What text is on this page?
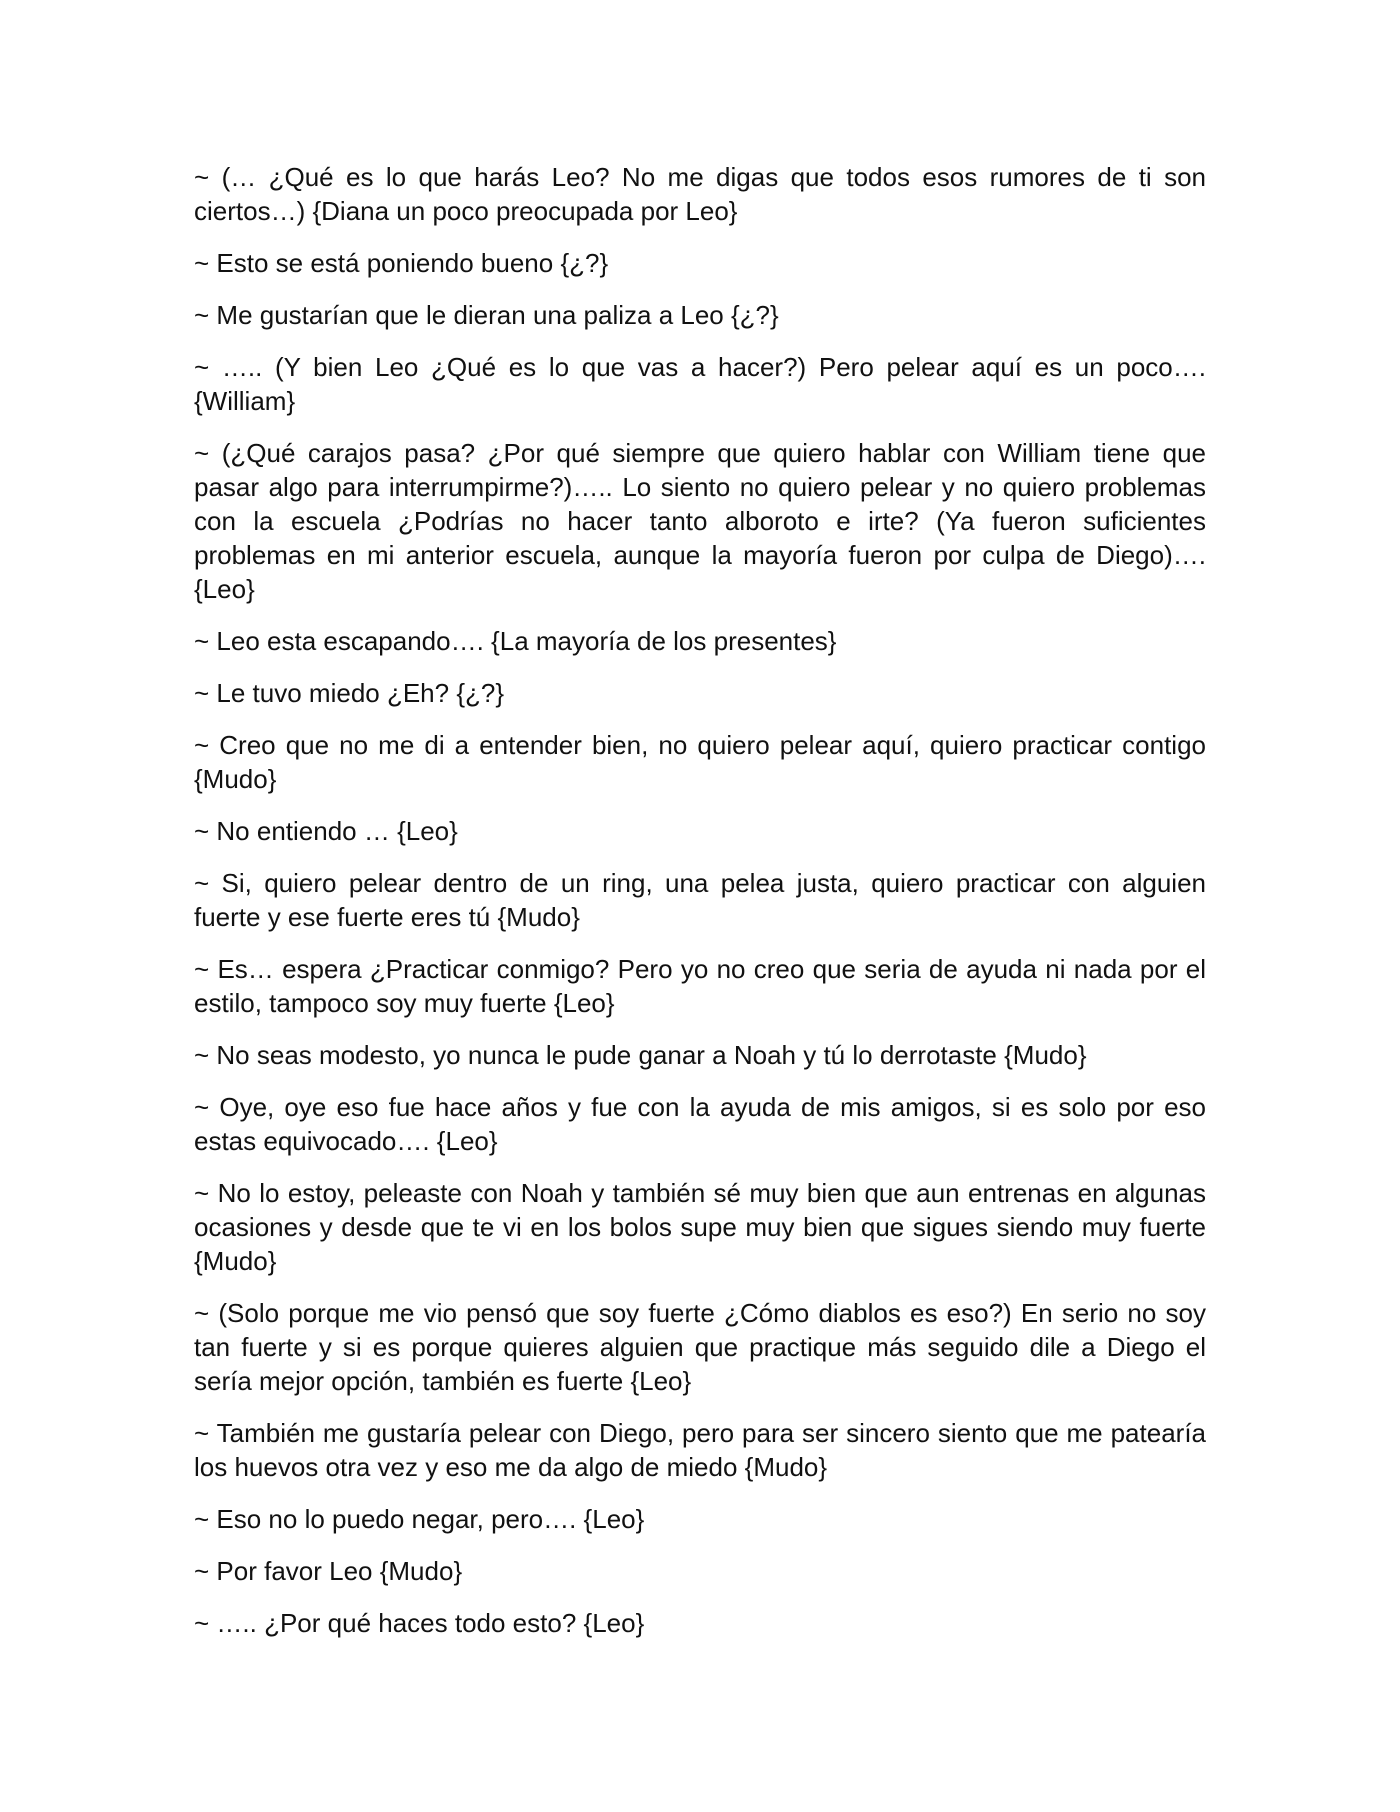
~ (… ¿Qué es lo que harás Leo? No me digas que todos esos rumores de ti son ciertos…) {Diana un poco preocupada por Leo}

~ Esto se está poniendo bueno {¿?}

~ Me gustarían que le dieran una paliza a Leo {¿?}

~ ….. (Y bien Leo ¿Qué es lo que vas a hacer?) Pero pelear aquí es un poco…. {William}

~ (¿Qué carajos pasa? ¿Por qué siempre que quiero hablar con William tiene que pasar algo para interrumpirme?)….. Lo siento no quiero pelear y no quiero problemas con la escuela ¿Podrías no hacer tanto alboroto e irte? (Ya fueron suficientes problemas en mi anterior escuela, aunque la mayoría fueron por culpa de Diego)…. {Leo}

~ Leo esta escapando…. {La mayoría de los presentes}

~ Le tuvo miedo ¿Eh? {¿?}

~ Creo que no me di a entender bien, no quiero pelear aquí, quiero practicar contigo {Mudo}

~ No entiendo … {Leo}

~ Si, quiero pelear dentro de un ring, una pelea justa, quiero practicar con alguien fuerte y ese fuerte eres tú {Mudo}

~ Es… espera ¿Practicar conmigo? Pero yo no creo que seria de ayuda ni nada por el estilo, tampoco soy muy fuerte {Leo}

~ No seas modesto, yo nunca le pude ganar a Noah y tú lo derrotaste {Mudo}

~ Oye, oye eso fue hace años y fue con la ayuda de mis amigos, si es solo por eso estas equivocado…. {Leo}

~ No lo estoy, peleaste con Noah y también sé muy bien que aun entrenas en algunas ocasiones y desde que te vi en los bolos supe muy bien que sigues siendo muy fuerte {Mudo}

~ (Solo porque me vio pensó que soy fuerte ¿Cómo diablos es eso?) En serio no soy tan fuerte y si es porque quieres alguien que practique más seguido dile a Diego el sería mejor opción, también es fuerte {Leo}

~ También me gustaría pelear con Diego, pero para ser sincero siento que me patearía los huevos otra vez y eso me da algo de miedo {Mudo}

~ Eso no lo puedo negar, pero…. {Leo}

~ Por favor Leo {Mudo}

~ ….. ¿Por qué haces todo esto? {Leo}
